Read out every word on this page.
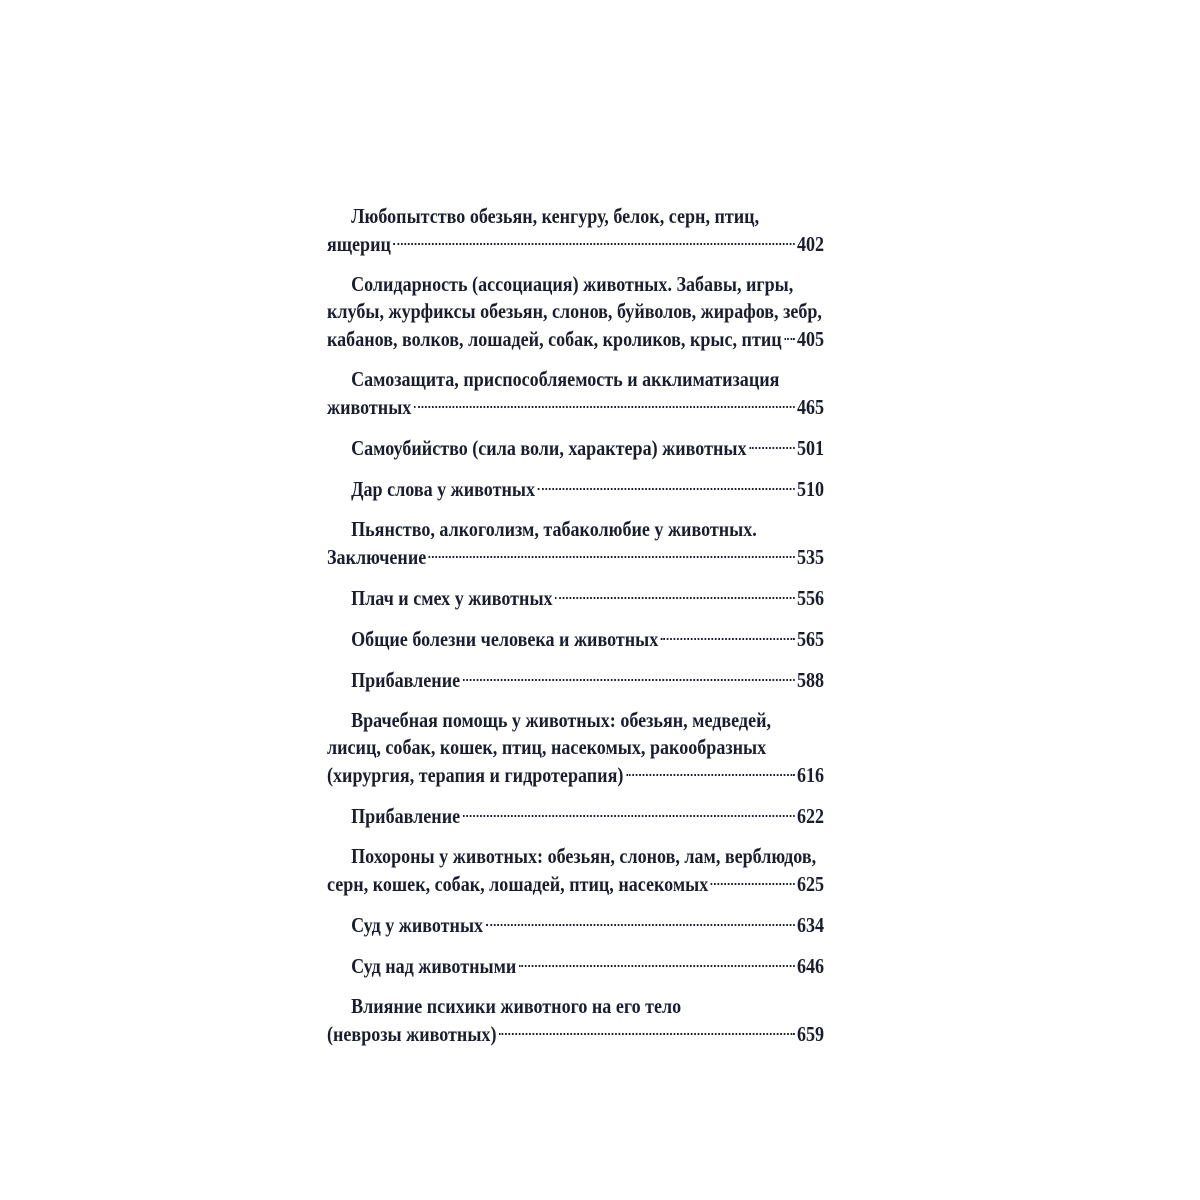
Любопытство обезьян, кенгуру, белок, серн, птиц,
ящериц	402
Солидарность (ассоциация) животных. Забавы, игры,
клубы, журфиксы обезьян, слонов, буйволов, жирафов, зебр,
кабанов, волков, лошадей, собак, кроликов, крыс, птиц 405
Самозащита, приспособляемость и акклиматизация
животных	465
Самоубийство (сила воли, характера) животных 501
Дар слова у животных	510
Пьянство, алкоголизм, табаколюбие у животных.
Заключение	535
Плач и смех у животных	556
Общие болезни человека и животных	565
Прибавление	588
Врачебная помощь у животных: обезьян, медведей,
лисиц, собак, кошек, птиц, насекомых, ракообразных
(хирургия, терапия и гидротерапия)	616
Прибавление	622
Похороны у животных: обезьян, слонов, лам, верблюдов,
серн, кошек, собак, лошадей, птиц, насекомых	625
Суд у животных	634
Суд над животными	646
Влияние психики животного на его тело
(неврозы животных)	659
